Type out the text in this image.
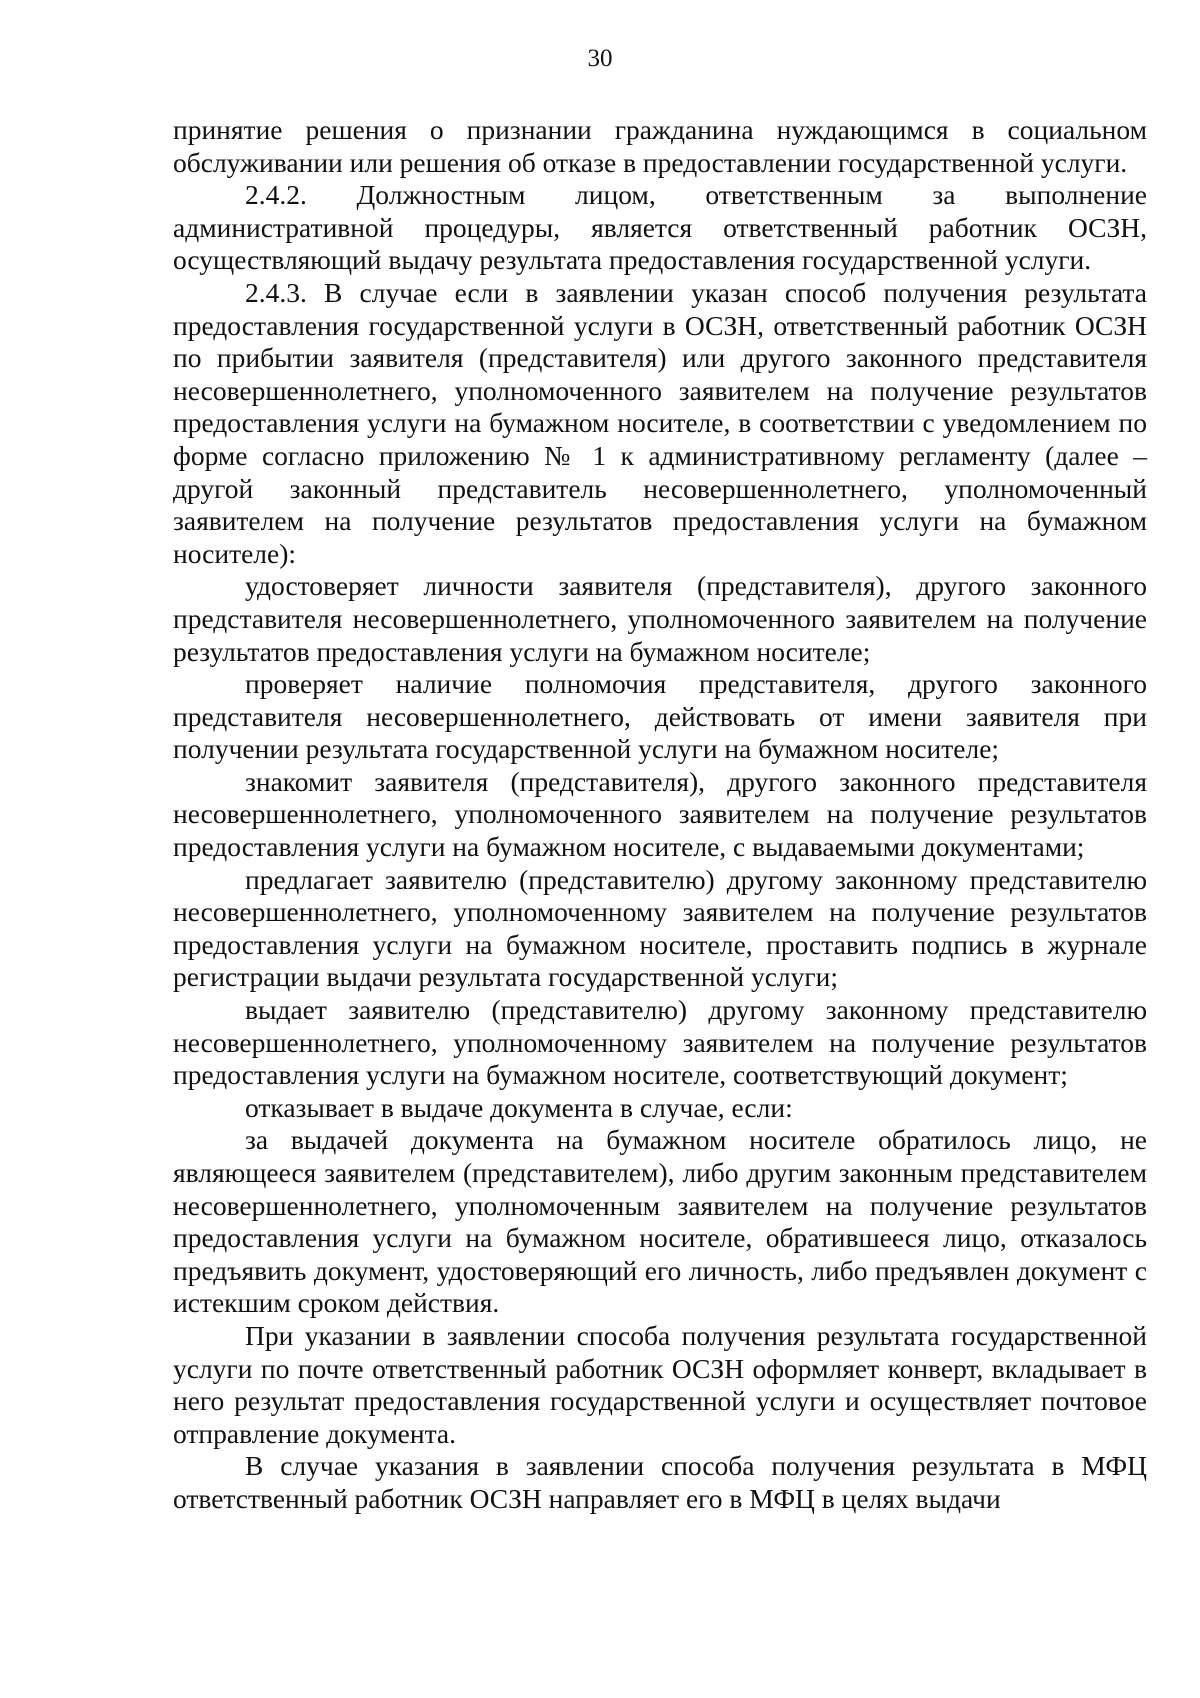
30

принятие решения о признании гражданина нуждающимся в социальном обслуживании или решения об отказе в предоставлении государственной услуги.

2.4.2. Должностным лицом, ответственным за выполнение административной процедуры, является ответственный работник ОСЗН, осуществляющий выдачу результата предоставления государственной услуги.

2.4.3. В случае если в заявлении указан способ получения результата предоставления государственной услуги в ОСЗН, ответственный работник ОСЗН по прибытии заявителя (представителя) или другого законного представителя несовершеннолетнего, уполномоченного заявителем на получение результатов предоставления услуги на бумажном носителе, в соответствии с уведомлением по форме согласно приложению № 1 к административному регламенту (далее – другой законный представитель несовершеннолетнего, уполномоченный заявителем на получение результатов предоставления услуги на бумажном носителе):

удостоверяет личности заявителя (представителя), другого законного представителя несовершеннолетнего, уполномоченного заявителем на получение результатов предоставления услуги на бумажном носителе;

проверяет наличие полномочия представителя, другого законного представителя несовершеннолетнего, действовать от имени заявителя при получении результата государственной услуги на бумажном носителе;

знакомит заявителя (представителя), другого законного представителя несовершеннолетнего, уполномоченного заявителем на получение результатов предоставления услуги на бумажном носителе, с выдаваемыми документами;

предлагает заявителю (представителю) другому законному представителю несовершеннолетнего, уполномоченному заявителем на получение результатов предоставления услуги на бумажном носителе, проставить подпись в журнале регистрации выдачи результата государственной услуги;

выдает заявителю (представителю) другому законному представителю несовершеннолетнего, уполномоченному заявителем на получение результатов предоставления услуги на бумажном носителе, соответствующий документ;

отказывает в выдаче документа в случае, если:

за выдачей документа на бумажном носителе обратилось лицо, не являющееся заявителем (представителем), либо другим законным представителем несовершеннолетнего, уполномоченным заявителем на получение результатов предоставления услуги на бумажном носителе, обратившееся лицо, отказалось предъявить документ, удостоверяющий его личность, либо предъявлен документ с истекшим сроком действия.

При указании в заявлении способа получения результата государственной услуги по почте ответственный работник ОСЗН оформляет конверт, вкладывает в него результат предоставления государственной услуги и осуществляет почтовое отправление документа.

В случае указания в заявлении способа получения результата в МФЦ ответственный работник ОСЗН направляет его в МФЦ в целях выдачи
